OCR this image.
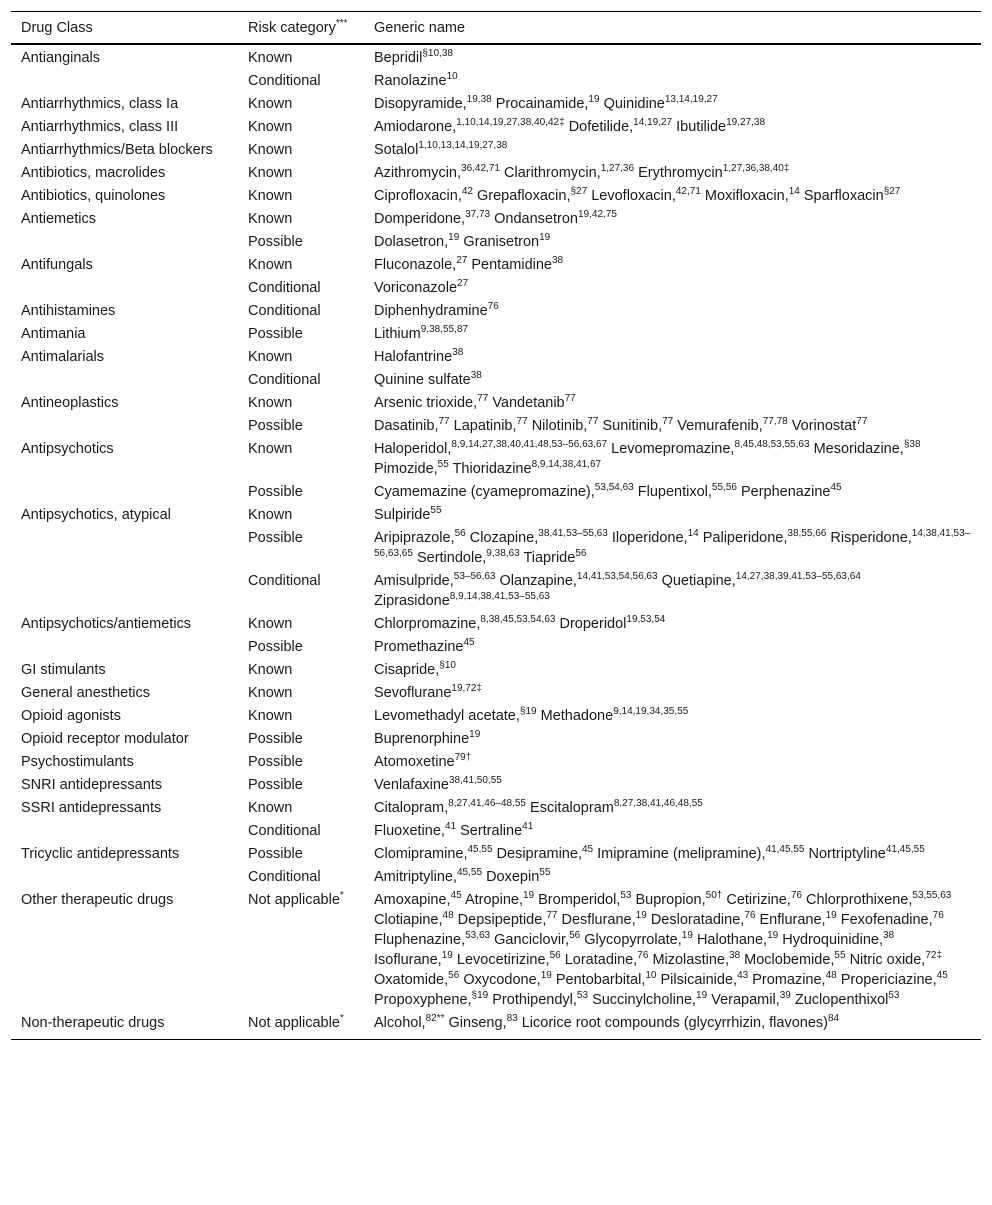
Drug Class	Risk category***	Generic name
Antianginals	Known	Bepridil$^{\S 10,38}$
	Conditional	Ranolazine$^{10}$
Antiarrhythmics, class Ia	Known	Disopyramide,$^{19,38}$ Procainamide,$^{19}$ Quinidine$^{13,14,19,27}$
Antiarrhythmics, class III	Known	Amiodarone,$^{1,10,14,19,27,38,40,42\ddagger}$ Dofetilide,$^{14,19,27}$ Ibutilide$^{19,27,38}$
Antiarrhythmics/Beta blockers	Known	Sotalol$^{1,10,13,14,19,27,38}$
Antibiotics, macrolides	Known	Azithromycin,$^{36,42,71}$ Clarithromycin,$^{1,27,36}$ Erythromycin$^{1,27,36,38,40\ddagger}$
Antibiotics, quinolones	Known	Ciprofloxacin,$^{42}$ Grepafloxacin,$^{\S 27}$ Levofloxacin,$^{42,71}$ Moxifloxacin,$^{14}$ Sparfloxacin$^{\S 27}$
Antiemetics	Known	Domperidone,$^{37,73}$ Ondansetron$^{19,42,75}$
	Possible	Dolasetron,$^{19}$ Granisetron$^{19}$
Antifungals	Known	Fluconazole,$^{27}$ Pentamidine$^{38}$
	Conditional	Voriconazole$^{27}$
Antihistamines	Conditional	Diphenhydramine$^{76}$
Antimania	Possible	Lithium$^{9,38,55,87}$
Antimalarials	Known	Halofantrine$^{38}$
	Conditional	Quinine sulfate$^{38}$
Antineoplastics	Known	Arsenic trioxide,$^{77}$ Vandetanib$^{77}$
	Possible	Dasatinib,$^{77}$ Lapatinib,$^{77}$ Nilotinib,$^{77}$ Sunitinib,$^{77}$ Vemurafenib,$^{77,78}$ Vorinostat$^{77}$
Antipsychotics	Known	Haloperidol,$^{8,9,14,27,38,40,41,48,53-56,63,67}$ Levomepromazine,$^{8,45,48,53,55,63}$ Mesoridazine,$^{\S 38}$ Pimozide,$^{55}$ Thioridazine$^{8,9,14,38,41,67}$
	Possible	Cyamemazine (cyamepromazine),$^{53,54,63}$ Flupentixol,$^{55,56}$ Perphenazine$^{45}$
Antipsychotics, atypical	Known	Sulpiride$^{55}$
	Possible	Aripiprazole,$^{56}$ Clozapine,$^{38,41,53-55,63}$ Iloperidone,$^{14}$ Paliperidone,$^{38,55,66}$ Risperidone,$^{14,38,41,53-56,63,65}$ Sertindole,$^{9,38,63}$ Tiapride$^{56}$
	Conditional	Amisulpride,$^{53-56,63}$ Olanzapine,$^{14,41,53,54,56,63}$ Quetiapine,$^{14,27,38,39,41,53-55,63,64}$ Ziprasidone$^{8,9,14,38,41,53-55,63}$
Antipsychotics/antiemetics	Known	Chlorpromazine,$^{8,38,45,53,54,63}$ Droperidol$^{19,53,54}$
	Possible	Promethazine$^{45}$
GI stimulants	Known	Cisapride,$^{\S 10}$
General anesthetics	Known	Sevoflurane$^{19,72\ddagger}$
Opioid agonists	Known	Levomethadyl acetate,$^{\S 19}$ Methadone$^{9,14,19,34,35,55}$
Opioid receptor modulator	Possible	Buprenorphine$^{19}$
Psychostimulants	Possible	Atomoxetine$^{79\dagger}$
SNRI antidepressants	Possible	Venlafaxine$^{38,41,50,55}$
SSRI antidepressants	Known	Citalopram,$^{8,27,41,46-48,55}$ Escitalopram$^{8,27,38,41,46,48,55}$
	Conditional	Fluoxetine,$^{41}$ Sertraline$^{41}$
Tricyclic antidepressants	Possible	Clomipramine,$^{45,55}$ Desipramine,$^{45}$ Imipramine (melipramine),$^{41,45,55}$ Nortriptyline$^{41,45,55}$
	Conditional	Amitriptyline,$^{45,55}$ Doxepin$^{55}$
Other therapeutic drugs	Not applicable*	Amoxapine,$^{45}$ Atropine,$^{19}$ Bromperidol,$^{53}$ Bupropion,$^{50\dagger}$ Cetirizine,$^{76}$ Chlorprothixene,$^{53,55,63}$ Clotiapine,$^{48}$ Depsipeptide,$^{77}$ Desflurane,$^{19}$ Desloratadine,$^{76}$ Enflurane,$^{19}$ Fexofenadine,$^{76}$ Fluphenazine,$^{53,63}$ Ganciclovir,$^{56}$ Glycopyrrolate,$^{19}$ Halothane,$^{19}$ Hydroquinidine,$^{38}$ Isoflurane,$^{19}$ Levocetirizine,$^{56}$ Loratadine,$^{76}$ Mizolastine,$^{38}$ Moclobemide,$^{55}$ Nitric oxide,$^{72\ddagger}$ Oxatomide,$^{56}$ Oxycodone,$^{19}$ Pentobarbital,$^{10}$ Pilsicainide,$^{43}$ Promazine,$^{48}$ Propericiazine,$^{45}$ Propoxyphene,$^{\S 19}$ Prothipendyl,$^{53}$ Succinylcholine,$^{19}$ Verapamil,$^{39}$ Zuclopenthixol$^{53}$
Non-therapeutic drugs	Not applicable*	Alcohol,$^{82**}$ Ginseng,$^{83}$ Licorice root compounds (glycyrrhizin, flavones)$^{84}$
